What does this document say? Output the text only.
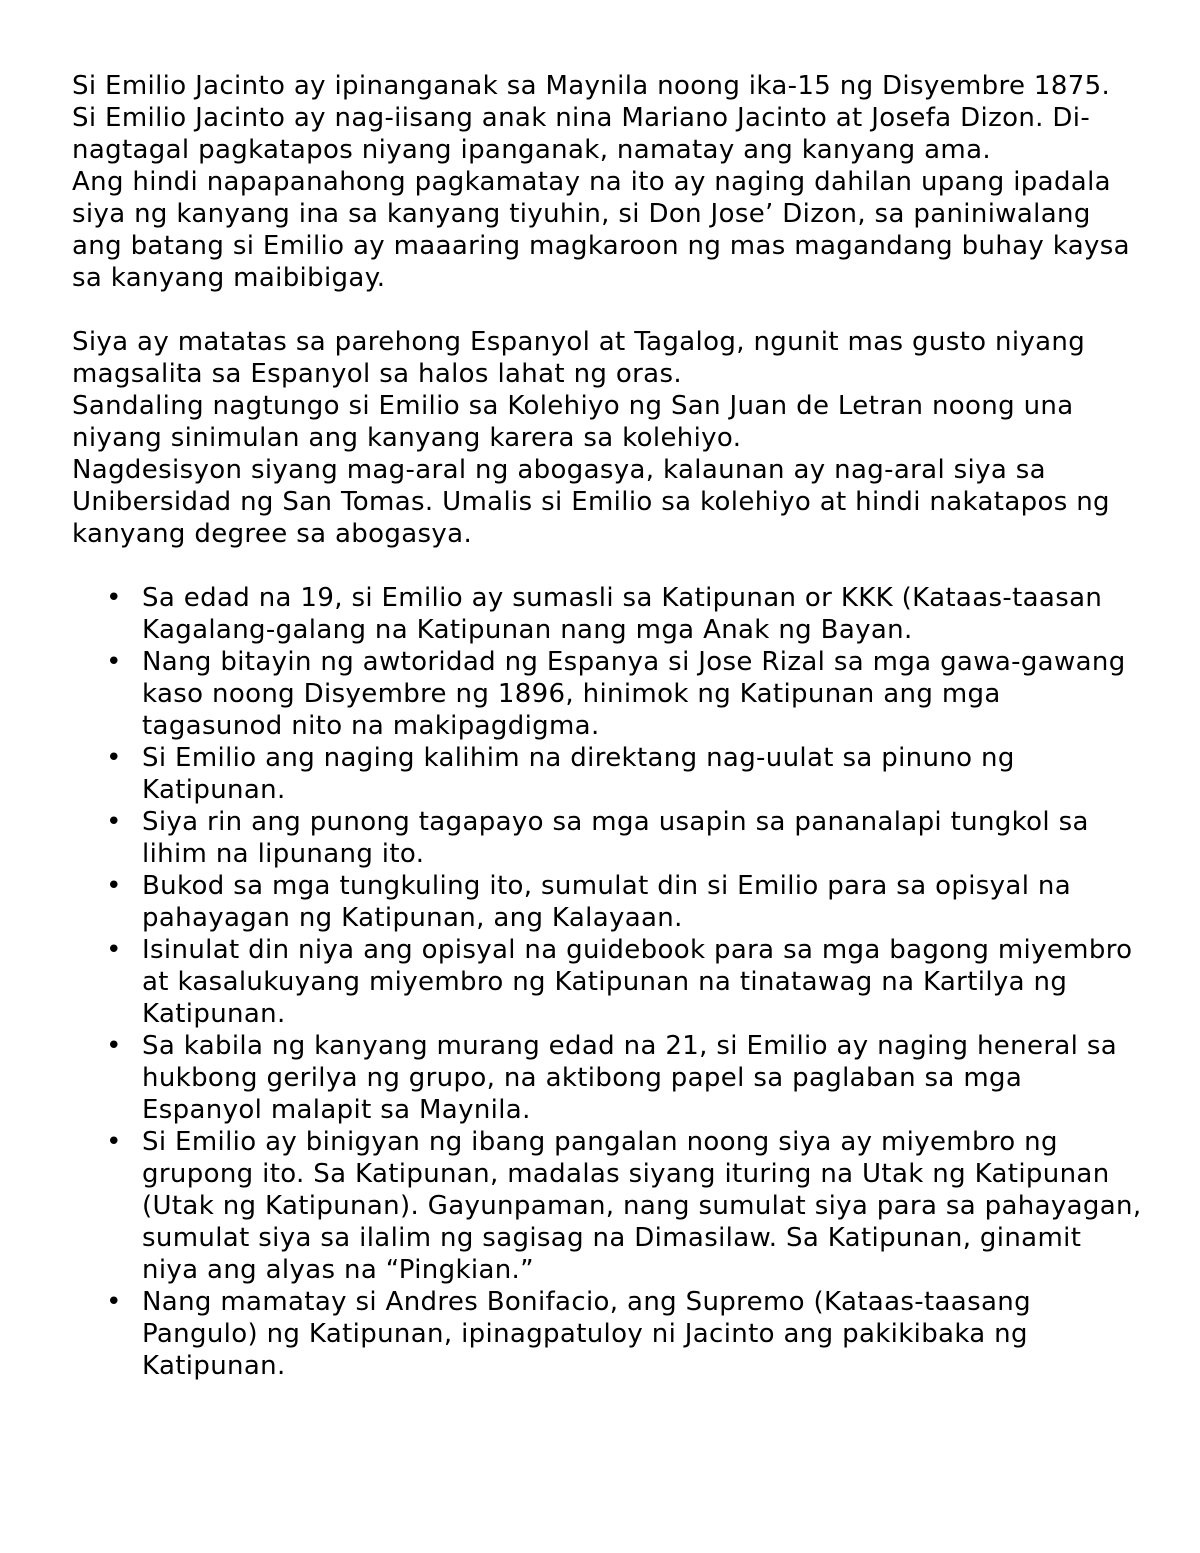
Si Emilio Jacinto ay ipinanganak sa Maynila noong ika-15 ng Disyembre 1875. Si Emilio Jacinto ay nag-iisang anak nina Mariano Jacinto at Josefa Dizon. Di-nagtagal pagkatapos niyang ipanganak, namatay ang kanyang ama.

Ang hindi napapanahong pagkamatay na ito ay naging dahilan upang ipadala siya ng kanyang ina sa kanyang tiyuhin, si Don Jose’ Dizon, sa paniniwalang ang batang si Emilio ay maaaring magkaroon ng mas magandang buhay kaysa sa kanyang maibibigay.

Siya ay matatas sa parehong Espanyol at Tagalog, ngunit mas gusto niyang magsalita sa Espanyol sa halos lahat ng oras.

Sandaling nagtungo si Emilio sa Kolehiyo ng San Juan de Letran noong una niyang sinimulan ang kanyang karera sa kolehiyo.

Nagdesisyon siyang mag-aral ng abogasya, kalaunan ay nag-aral siya sa Unibersidad ng San Tomas. Umalis si Emilio sa kolehiyo at hindi nakatapos ng kanyang degree sa abogasya.

• Sa edad na 19, si Emilio ay sumasli sa Katipunan or KKK (Kataas-taasan Kagalang-galang na Katipunan nang mga Anak ng Bayan.
• Nang bitayin ng awtoridad ng Espanya si Jose Rizal sa mga gawa-gawang kaso noong Disyembre ng 1896, hinimok ng Katipunan ang mga tagasunod nito na makipagdigma.
• Si Emilio ang naging kalihim na direktang nag-uulat sa pinuno ng Katipunan.
• Siya rin ang punong tagapayo sa mga usapin sa pananalapi tungkol sa lihim na lipunang ito.
• Bukod sa mga tungkuling ito, sumulat din si Emilio para sa opisyal na pahayagan ng Katipunan, ang Kalayaan.
• Isinulat din niya ang opisyal na guidebook para sa mga bagong miyembro at kasalukuyang miyembro ng Katipunan na tinatawag na Kartilya ng Katipunan.
• Sa kabila ng kanyang murang edad na 21, si Emilio ay naging heneral sa hukbong gerilya ng grupo, na aktibong papel sa paglaban sa mga Espanyol malapit sa Maynila.
• Si Emilio ay binigyan ng ibang pangalan noong siya ay miyembro ng grupong ito. Sa Katipunan, madalas siyang ituring na Utak ng Katipunan (Utak ng Katipunan). Gayunpaman, nang sumulat siya para sa pahayagan, sumulat siya sa ilalim ng sagisag na Dimasilaw. Sa Katipunan, ginamit niya ang alyas na “Pingkian.”
• Nang mamatay si Andres Bonifacio, ang Supremo (Kataas-taasang Pangulo) ng Katipunan, ipinagpatuloy ni Jacinto ang pakikibaka ng Katipunan.
